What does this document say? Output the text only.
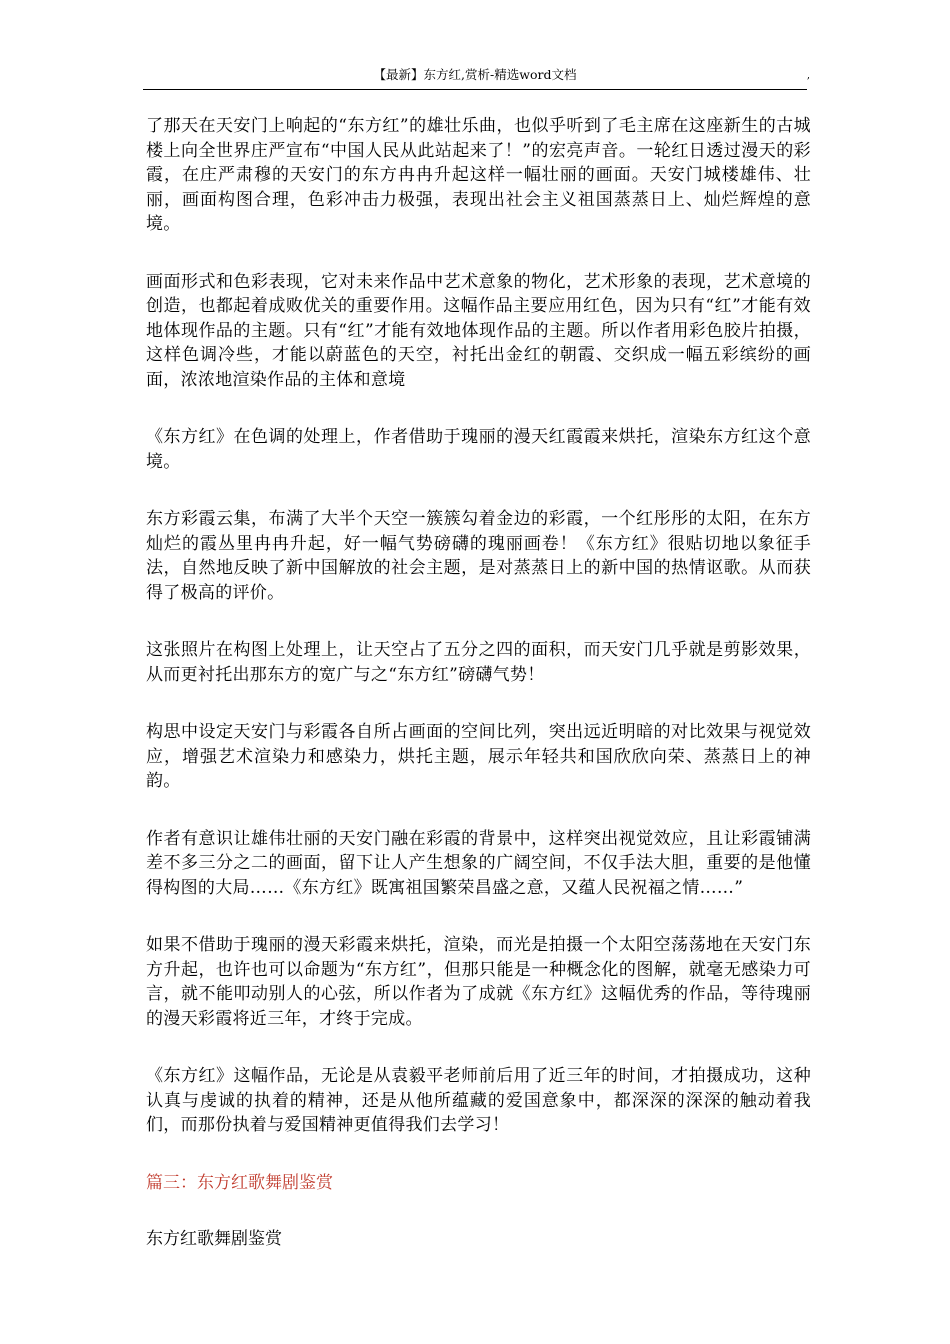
【最新】东方红,赏析-精选word文档	,

了那天在天安门上响起的“东方红”的雄壮乐曲，也似乎听到了毛主席在这座新生的古城楼上向全世界庄严宣布“中国人民从此站起来了！”的宏亮声音。一轮红日透过漫天的彩霞，在庄严肃穆的天安门的东方冉冉升起这样一幅壮丽的画面。天安门城楼雄伟、壮丽，画面构图合理，色彩冲击力极强，表现出社会主义祖国蒸蒸日上、灿烂辉煌的意境。

画面形式和色彩表现，它对未来作品中艺术意象的物化，艺术形象的表现，艺术意境的创造，也都起着成败优关的重要作用。这幅作品主要应用红色，因为只有“红”才能有效地体现作品的主题。只有“红”才能有效地体现作品的主题。所以作者用彩色胶片拍摄，这样色调冷些，才能以蔚蓝色的天空，衬托出金红的朝霞、交织成一幅五彩缤纷的画面，浓浓地渲染作品的主体和意境

《东方红》在色调的处理上，作者借助于瑰丽的漫天红霞霞来烘托，渲染东方红这个意境。

东方彩霞云集，布满了大半个天空一簇簇勾着金边的彩霞，一个红彤彤的太阳，在东方灿烂的霞丛里冉冉升起，好一幅气势磅礴的瑰丽画卷！《东方红》很贴切地以象征手法，自然地反映了新中国解放的社会主题，是对蒸蒸日上的新中国的热情讴歌。从而获得了极高的评价。

这张照片在构图上处理上，让天空占了五分之四的面积，而天安门几乎就是剪影效果，从而更衬托出那东方的宽广与之“东方红”磅礴气势！

构思中设定天安门与彩霞各自所占画面的空间比列，突出远近明暗的对比效果与视觉效应，增强艺术渲染力和感染力，烘托主题，展示年轻共和国欣欣向荣、蒸蒸日上的神韵。

作者有意识让雄伟壮丽的天安门融在彩霞的背景中，这样突出视觉效应，且让彩霞铺满差不多三分之二的画面，留下让人产生想象的广阔空间，不仅手法大胆，重要的是他懂得构图的大局……《东方红》既寓祖国繁荣昌盛之意，又蕴人民祝福之情……”

如果不借助于瑰丽的漫天彩霞来烘托，渲染，而光是拍摄一个太阳空荡荡地在天安门东方升起，也许也可以命题为“东方红”，但那只能是一种概念化的图解，就毫无感染力可言，就不能叩动别人的心弦，所以作者为了成就《东方红》这幅优秀的作品，等待瑰丽的漫天彩霞将近三年，才终于完成。

《东方红》这幅作品，无论是从袁毅平老师前后用了近三年的时间，才拍摄成功，这种认真与虔诚的执着的精神，还是从他所蕴藏的爱国意象中，都深深的深深的触动着我们，而那份执着与爱国精神更值得我们去学习！

篇三：东方红歌舞剧鉴赏

东方红歌舞剧鉴赏
